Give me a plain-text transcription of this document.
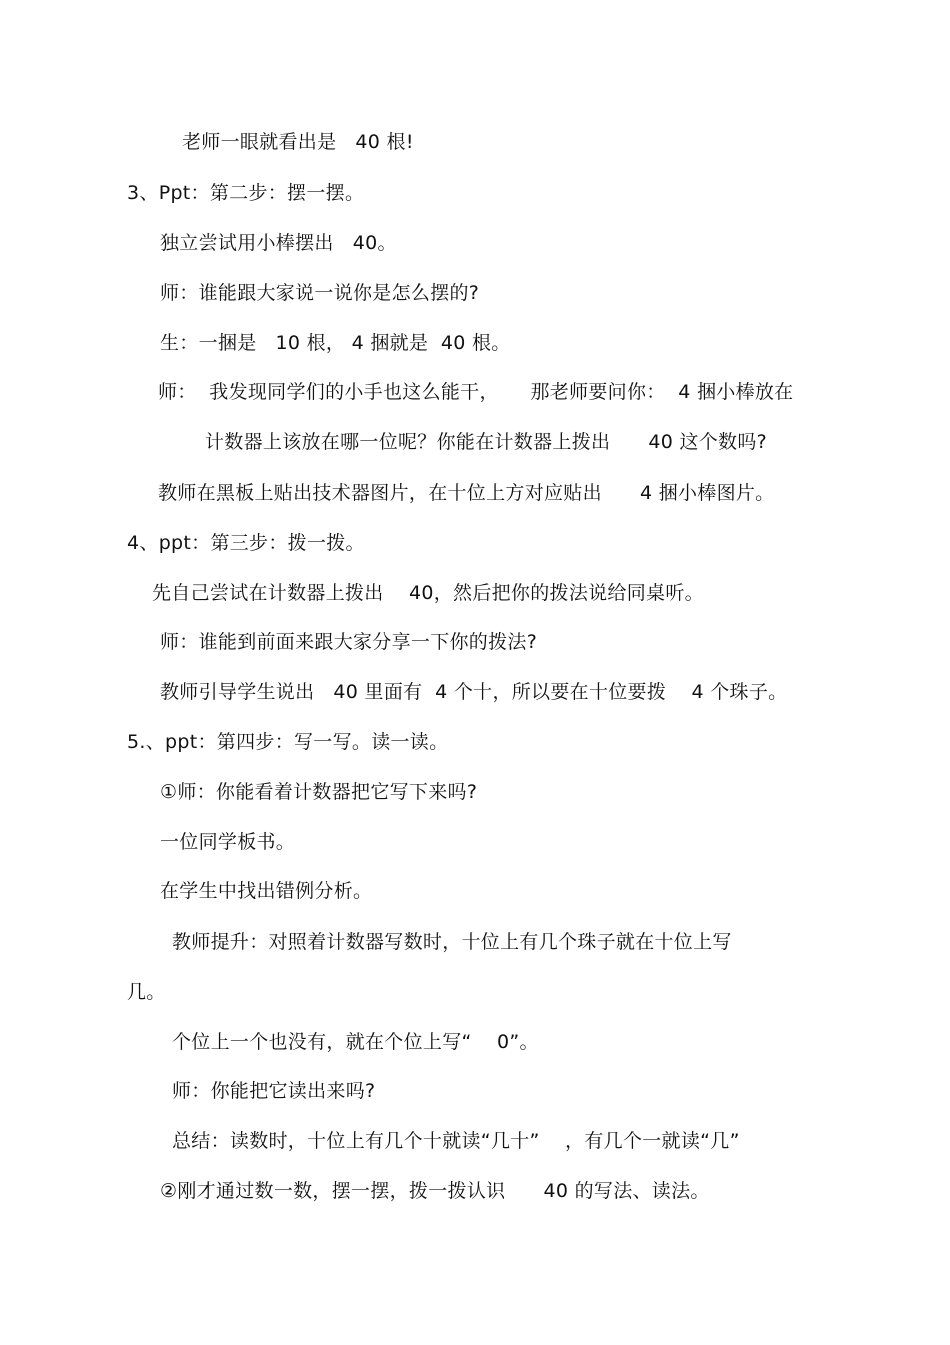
老师一眼就看出是   40 根!
3、Ppt：第二步：摆一摆。
独立尝试用小棒摆出   40。
师：谁能跟大家说一说你是怎么摆的?
生：一捆是   10 根， 4 捆就是  40 根。
师：  我发现同学们的小手也这么能干，     那老师要问你：  4 捆小棒放在
计数器上该放在哪一位呢？你能在计数器上拨出      40 这个数吗?
教师在黑板上贴出技术器图片，在十位上方对应贴出      4 捆小棒图片。
4、ppt：第三步：拨一拨。
先自己尝试在计数器上拨出    40，然后把你的拨法说给同桌听。
师：谁能到前面来跟大家分享一下你的拨法?
教师引导学生说出   40 里面有  4 个十，所以要在十位要拨    4 个珠子。
5.、ppt：第四步：写一写。读一读。
①师：你能看着计数器把它写下来吗?
一位同学板书。
在学生中找出错例分析。
教师提升：对照着计数器写数时，十位上有几个珠子就在十位上写
几。
个位上一个也没有，就在个位上写“    0”。
师：你能把它读出来吗?
总结：读数时，十位上有几个十就读“几十”    ，有几个一就读“几”
②刚才通过数一数，摆一摆，拨一拨认识      40 的写法、读法。
